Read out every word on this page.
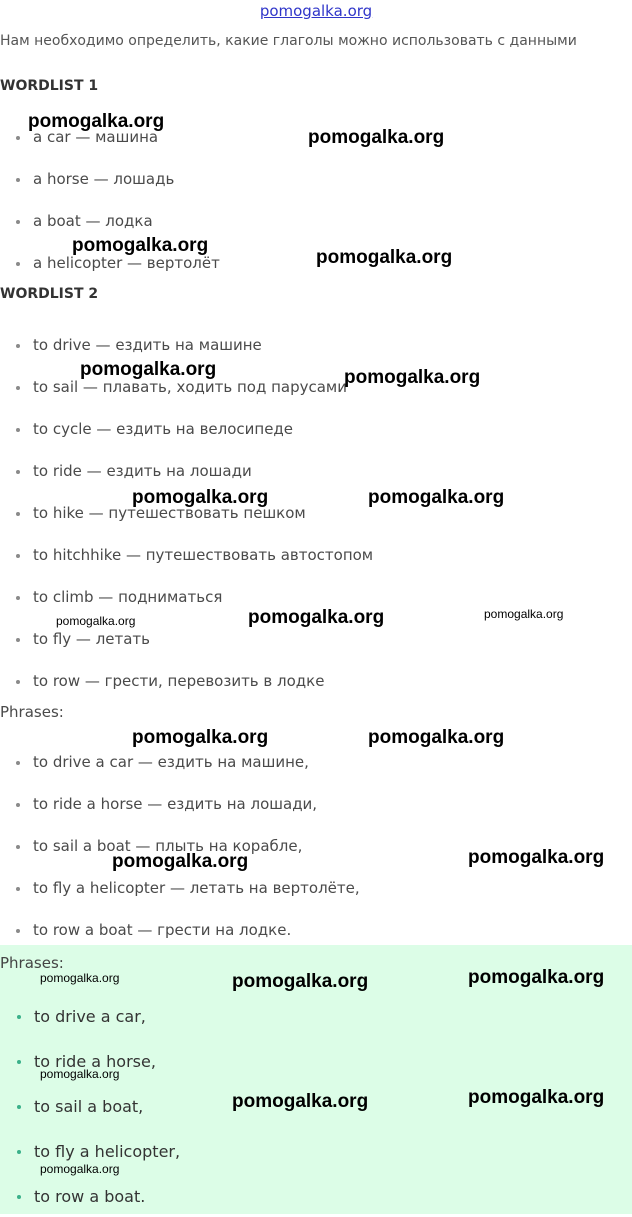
pomogalka.org
Нам необходимо определить, какие глаголы можно использовать с данными
WORDLIST 1
a car — машина
a horse — лошадь
a boat — лодка
a helicopter — вертолёт
WORDLIST 2
to drive — ездить на машине
to sail — плавать, ходить под парусами
to cycle — ездить на велосипеде
to ride — ездить на лошади
to hike — путешествовать пешком
to hitchhike — путешествовать автостопом
to climb — подниматься
to fly — летать
to row — грести, перевозить в лодке
Phrases:
to drive a car — ездить на машине,
to ride a horse — ездить на лошади,
to sail a boat — плыть на корабле,
to fly a helicopter — летать на вертолёте,
to row a boat — грести на лодке.
Phrases:
to drive a car,
to ride a horse,
to sail a boat,
to fly a helicopter,
to row a boat.
pomogalka.org
pomogalka.org
pomogalka.org
pomogalka.org
pomogalka.org	pomogalka.org
pomogalka.org	pomogalka.org
pomogalka.org	pomogalka.org	pomogalka.org
pomogalka.org	pomogalka.org
pomogalka.org	pomogalka.org
pomogalka.org	pomogalka.org	pomogalka.org
pomogalka.org
pomogalka.org	pomogalka.org
pomogalka.org
